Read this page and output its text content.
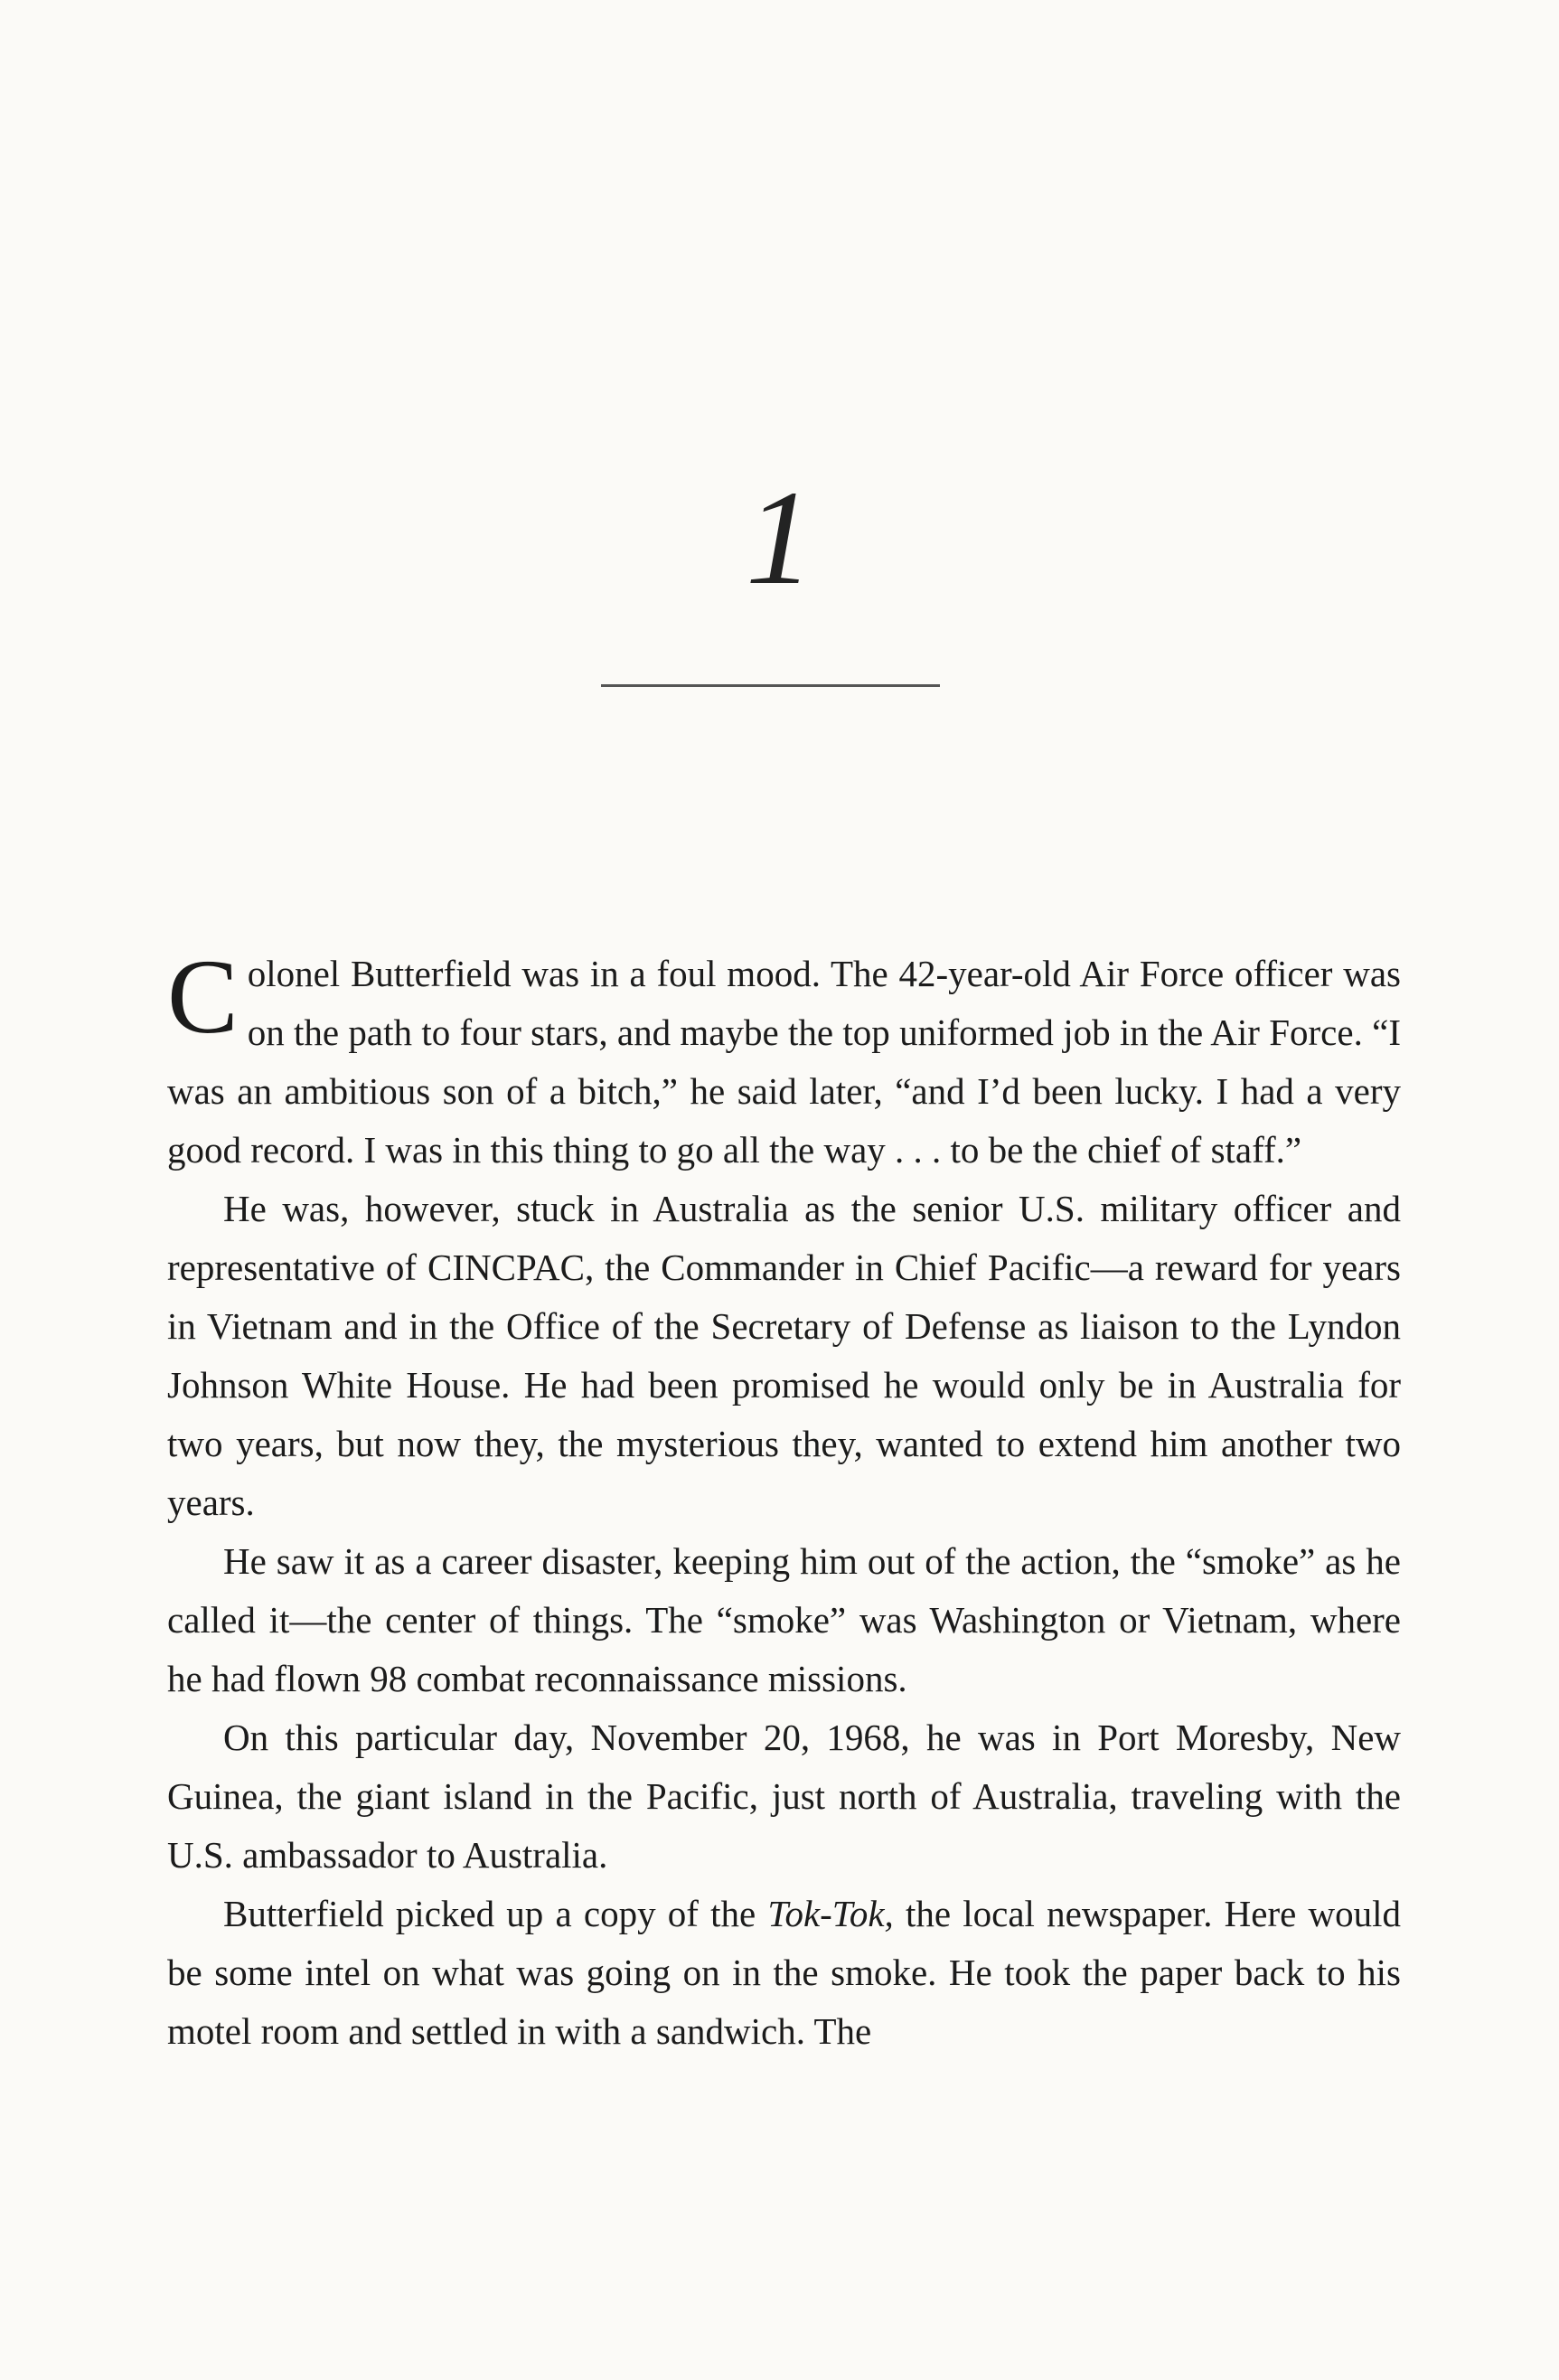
1

Colonel Butterfield was in a foul mood. The 42-year-old Air Force officer was on the path to four stars, and maybe the top uniformed job in the Air Force. “I was an ambitious son of a bitch,” he said later, “and I’d been lucky. I had a very good record. I was in this thing to go all the way . . . to be the chief of staff.”

He was, however, stuck in Australia as the senior U.S. military officer and representative of CINCPAC, the Commander in Chief Pacific—a reward for years in Vietnam and in the Office of the Secretary of Defense as liaison to the Lyndon Johnson White House. He had been promised he would only be in Australia for two years, but now they, the mysterious they, wanted to extend him another two years.

He saw it as a career disaster, keeping him out of the action, the “smoke” as he called it—the center of things. The “smoke” was Washington or Vietnam, where he had flown 98 combat reconnaissance missions.

On this particular day, November 20, 1968, he was in Port Moresby, New Guinea, the giant island in the Pacific, just north of Australia, traveling with the U.S. ambassador to Australia.

Butterfield picked up a copy of the Tok-Tok, the local newspaper. Here would be some intel on what was going on in the smoke. He took the paper back to his motel room and settled in with a sandwich. The
